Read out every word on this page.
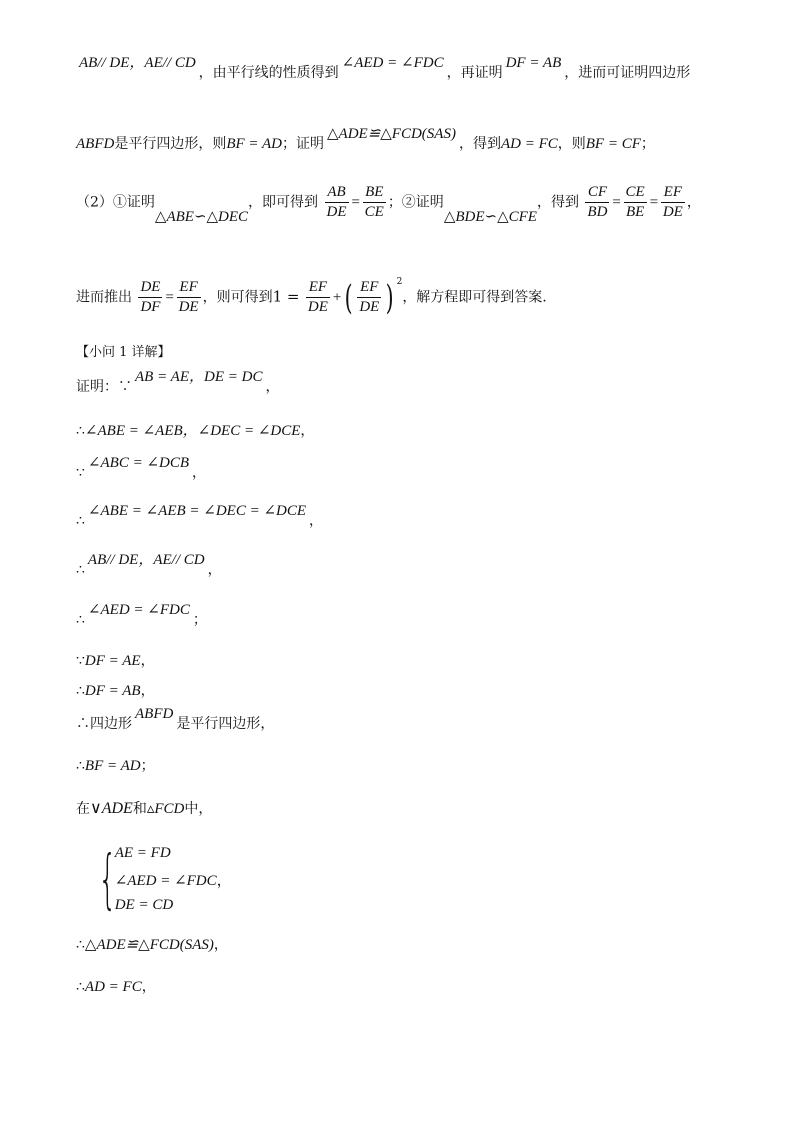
AB// DE，AE// CD，由平行线的性质得到∠AED = ∠FDC，再证明DF = AB，进而可证明四边形
ABFD是平行四边形，则BF = AD；证明△ADE≌△FCD(SAS)，得到AD = FC，则BF = CF；
（2）①证明△ABE∽△DEC，即可得到 $\frac{AB}{DE} = \frac{BE}{CE}$ ；②证明△BDE∽△CFE，得到 $\frac{CF}{BD} = \frac{CE}{BE} = \frac{EF}{DE}$ ，
进而推出 $\frac{DE}{DF} = \frac{EF}{DE}$ ，则可得到$1 = \frac{EF}{DE}$ +( $\frac{EF}{DE}$ ) $^2$，解方程即可得到答案.
【小问 1 详解】
证明：∵AB = AE，DE = DC，
∴∠ABE = ∠AEB，∠DEC = ∠DCE，
∵∠ABC = ∠DCB，
∴∠ABE = ∠AEB = ∠DEC = ∠DCE，
∴AB// DE，AE// CD，
∴∠AED = ∠FDC；
∵DF = AE，
∴DF = AB，
∴四边形ABFD是平行四边形，
∴BF = AD；
在∨ADE和▵FCD中，
{
AE = FD
∠AED = ∠FDC，
DE = CD
∴△ADE≌△FCD(SAS)，
∴AD = FC，
